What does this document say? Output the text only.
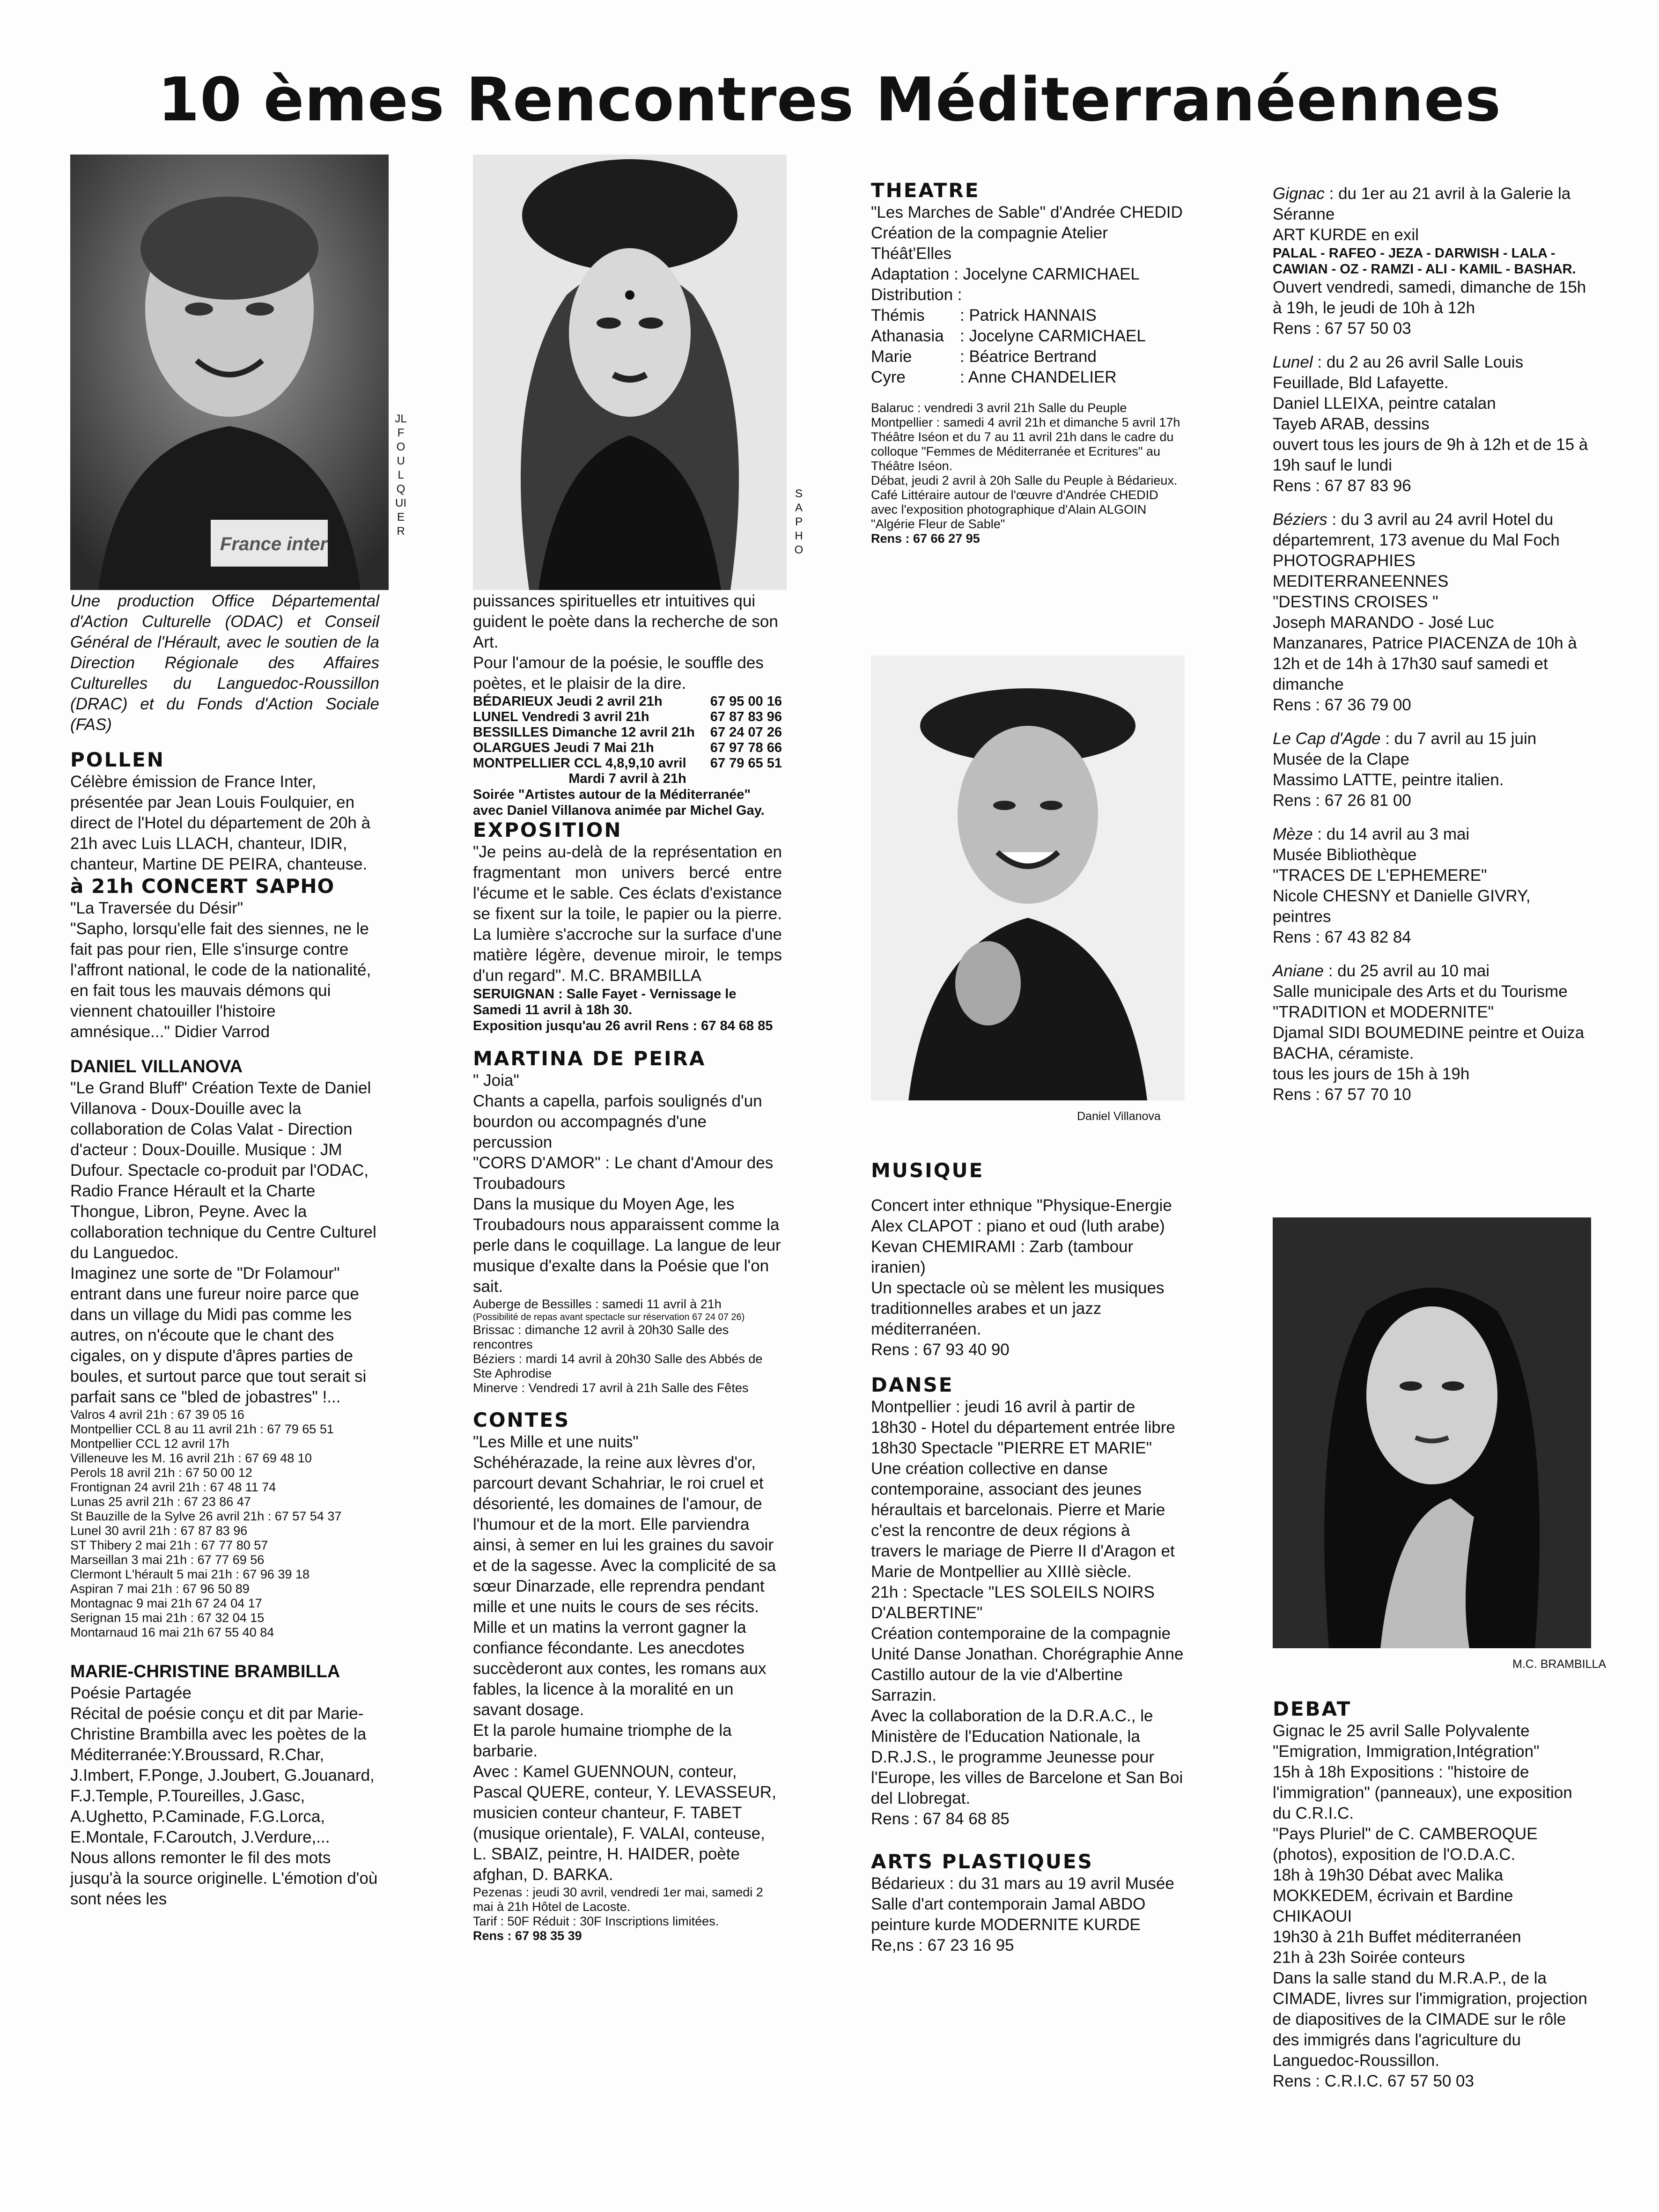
10 èmes Rencontres Méditerranéennes
France inter
JL FOULQUIER
SAPHO

Une production Office Départemental d'Action Culturelle (ODAC) et Conseil Général de l'Hérault, avec le soutien de la Direction Régionale des Affaires Culturelles du Languedoc-Roussillon (DRAC) et du Fonds d'Action Sociale (FAS)

POLLEN

Célèbre émission de France Inter, présentée par Jean Louis Foulquier, en direct de l'Hotel du département de 20h à 21h avec Luis LLACH, chanteur, IDIR, chanteur, Martine DE PEIRA, chanteuse.

à 21h CONCERT SAPHO

"La Traversée du Désir"

"Sapho, lorsqu'elle fait des siennes, ne le fait pas pour rien, Elle s'insurge contre l'affront national, le code de la nationalité, en fait tous les mauvais démons qui viennent chatouiller l'histoire amnésique..." Didier Varrod

DANIEL VILLANOVA

"Le Grand Bluff" Création Texte de Daniel Villanova - Doux-Douille avec la collaboration de Colas Valat - Direction d'acteur : Doux-Douille. Musique : JM Dufour. Spectacle co-produit par l'ODAC, Radio France Hérault et la Charte Thongue, Libron, Peyne. Avec la collaboration technique du Centre Culturel du Languedoc.

Imaginez une sorte de "Dr Folamour" entrant dans une fureur noire parce que dans un village du Midi pas comme les autres, on n'écoute que le chant des cigales, on y dispute d'âpres parties de boules, et surtout parce que tout serait si parfait sans ce "bled de jobastres" !...

Valros 4 avril 21h : 67 39 05 16

Montpellier CCL 8 au 11 avril 21h : 67 79 65 51

Montpellier CCL 12 avril 17h

Villeneuve les M. 16 avril 21h : 67 69 48 10

Perols 18 avril 21h : 67 50 00 12

Frontignan 24 avril 21h : 67 48 11 74

Lunas 25 avril 21h : 67 23 86 47

St Bauzille de la Sylve 26 avril 21h : 67 57 54 37

Lunel 30 avril 21h : 67 87 83 96

ST Thibery 2 mai 21h : 67 77 80 57

Marseillan 3 mai 21h : 67 77 69 56

Clermont L'hérault 5 mai 21h : 67 96 39 18

Aspiran 7 mai 21h : 67 96 50 89

Montagnac 9 mai 21h 67 24 04 17

Serignan 15 mai 21h : 67 32 04 15

Montarnaud 16 mai 21h 67 55 40 84

MARIE-CHRISTINE BRAMBILLA

Poésie Partagée

Récital de poésie conçu et dit par Marie-Christine Brambilla avec les poètes de la Méditerranée:Y.Broussard, R.Char, J.Imbert, F.Ponge, J.Joubert, G.Jouanard, F.J.Temple, P.Toureilles, J.Gasc, A.Ughetto, P.Caminade, F.G.Lorca, E.Montale, F.Caroutch, J.Verdure,...

Nous allons remonter le fil des mots jusqu'à la source originelle. L'émotion d'où sont nées les

puissances spirituelles etr intuitives qui guident le poète dans la recherche de son Art.

Pour l'amour de la poésie, le souffle des poètes, et le plaisir de la dire.

BÉDARIEUX Jeudi 2 avril 21h	67 95 00 16
LUNEL Vendredi 3 avril 21h	67 87 83 96
BESSILLES Dimanche 12 avril 21h 67 24 07 26
OLARGUES Jeudi 7 Mai 21h	67 97 78 66
MONTPELLIER CCL 4,8,9,10 avril 67 79 65 51
Mardi 7 avril à 21h

Soirée "Artistes autour de la Méditerranée" avec Daniel Villanova animée par Michel Gay.

EXPOSITION

"Je peins au-delà de la représentation en fragmentant mon univers bercé entre l'écume et le sable. Ces éclats d'existance se fixent sur la toile, le papier ou la pierre. La lumière s'accroche sur la surface d'une matière légère, devenue miroir, le temps d'un regard". M.C. BRAMBILLA

SERUIGNAN : Salle Fayet - Vernissage le Samedi 11 avril à 18h 30.

Exposition jusqu'au 26 avril Rens : 67 84 68 85

MARTINA DE PEIRA

" Joia"

Chants a capella, parfois soulignés d'un bourdon ou accompagnés d'une percussion

"CORS D'AMOR" : Le chant d'Amour des Troubadours

Dans la musique du Moyen Age, les Troubadours nous apparaissent comme la perle dans le coquillage. La langue de leur musique d'exalte dans la Poésie que l'on sait.

Auberge de Bessilles : samedi 11 avril à 21h

(Possibilité de repas avant spectacle sur réservation 67 24 07 26)

Brissac : dimanche 12 avril à 20h30 Salle des rencontres

Béziers : mardi 14 avril à 20h30 Salle des Abbés de Ste Aphrodise

Minerve : Vendredi 17 avril à 21h Salle des Fêtes

CONTES

"Les Mille et une nuits"

Schéhérazade, la reine aux lèvres d'or, parcourt devant Schahriar, le roi cruel et désorienté, les domaines de l'amour, de l'humour et de la mort. Elle parviendra ainsi, à semer en lui les graines du savoir et de la sagesse. Avec la complicité de sa sœur Dinarzade, elle reprendra pendant mille et une nuits le cours de ses récits. Mille et un matins la verront gagner la confiance fécondante. Les anecdotes succèderont aux contes, les romans aux fables, la licence à la moralité en un savant dosage.

Et la parole humaine triomphe de la barbarie.

Avec : Kamel GUENNOUN, conteur, Pascal QUERE, conteur, Y. LEVASSEUR, musicien conteur chanteur, F. TABET (musique orientale), F. VALAI, conteuse, L. SBAIZ, peintre, H. HAIDER, poète afghan, D. BARKA.

Pezenas : jeudi 30 avril, vendredi 1er mai, samedi 2 mai à 21h Hôtel de Lacoste.

Tarif : 50F Réduit : 30F Inscriptions limitées.

Rens : 67 98 35 39

THEATRE

"Les Marches de Sable" d'Andrée CHEDID

Création de la compagnie Atelier Théât'Elles

Adaptation : Jocelyne CARMICHAEL

Distribution :

Thémis	: Patrick HANNAIS
Athanasia : Jocelyne CARMICHAEL
Marie	: Béatrice Bertrand
Cyre	: Anne CHANDELIER

Balaruc : vendredi 3 avril 21h Salle du Peuple

Montpellier : samedi 4 avril 21h et dimanche 5 avril 17h Théâtre Iséon et du 7 au 11 avril 21h dans le cadre du colloque "Femmes de Méditerranée et Ecritures" au Théâtre Iséon.

Débat, jeudi 2 avril à 20h Salle du Peuple à Bédarieux. Café Littéraire autour de l'œuvre d'Andrée CHEDID avec l'exposition photographique d'Alain ALGOIN "Algérie Fleur de Sable"

Rens : 67 66 27 95

Daniel Villanova

MUSIQUE

Concert inter ethnique "Physique-Energie

Alex CLAPOT : piano et oud (luth arabe)

Kevan CHEMIRAMI : Zarb (tambour iranien)

Un spectacle où se mèlent les musiques traditionnelles arabes et un jazz méditerranéen.

Rens : 67 93 40 90

DANSE

Montpellier : jeudi 16 avril à partir de 18h30 - Hotel du département entrée libre

18h30 Spectacle "PIERRE ET MARIE"

Une création collective en danse contemporaine, associant des jeunes héraultais et barcelonais. Pierre et Marie c'est la rencontre de deux régions à travers le mariage de Pierre II d'Aragon et Marie de Montpellier au XIIIè siècle.

21h : Spectacle "LES SOLEILS NOIRS D'ALBERTINE"

Création contemporaine de la compagnie Unité Danse Jonathan. Chorégraphie Anne Castillo autour de la vie d'Albertine Sarrazin.

Avec la collaboration de la D.R.A.C., le Ministère de l'Education Nationale, la D.R.J.S., le programme Jeunesse pour l'Europe, les villes de Barcelone et San Boi del Llobregat.

Rens : 67 84 68 85

ARTS PLASTIQUES

Bédarieux : du 31 mars au 19 avril Musée Salle d'art contemporain Jamal ABDO peinture kurde MODERNITE KURDE

Re,ns : 67 23 16 95

Gignac : du 1er au 21 avril à la Galerie la Séranne

ART KURDE en exil

PALAL - RAFEO - JEZA - DARWISH - LALA - CAWIAN - OZ - RAMZI - ALI - KAMIL - BASHAR.

Ouvert vendredi, samedi, dimanche de 15h à 19h, le jeudi de 10h à 12h

Rens : 67 57 50 03

Lunel : du 2 au 26 avril Salle Louis Feuillade, Bld Lafayette.

Daniel LLEIXA, peintre catalan

Tayeb ARAB, dessins

ouvert tous les jours de 9h à 12h et de 15 à 19h sauf le lundi

Rens : 67 87 83 96

Béziers : du 3 avril au 24 avril Hotel du départemrent, 173 avenue du Mal Foch

PHOTOGRAPHIES MEDITERRANEENNES

"DESTINS CROISES "

Joseph MARANDO - José Luc Manzanares, Patrice PIACENZA de 10h à 12h et de 14h à 17h30 sauf samedi et dimanche

Rens : 67 36 79 00

Le Cap d'Agde : du 7 avril au 15 juin

Musée de la Clape

Massimo LATTE, peintre italien.

Rens : 67 26 81 00

Mèze : du 14 avril au 3 mai

Musée Bibliothèque

"TRACES DE L'EPHEMERE"

Nicole CHESNY et Danielle GIVRY, peintres

Rens : 67 43 82 84

Aniane : du 25 avril au 10 mai

Salle municipale des Arts et du Tourisme

"TRADITION et MODERNITE"

Djamal SIDI BOUMEDINE peintre et Ouiza BACHA, céramiste.

tous les jours de 15h à 19h

Rens : 67 57 70 10

M.C. BRAMBILLA

DEBAT

Gignac le 25 avril Salle Polyvalente

"Emigration, Immigration,Intégration"

15h à 18h Expositions : "histoire de l'immigration" (panneaux), une exposition du C.R.I.C.

"Pays Pluriel" de C. CAMBEROQUE (photos), exposition de l'O.D.A.C.

18h à 19h30 Débat avec Malika MOKKEDEM, écrivain et Bardine CHIKAOUI

19h30 à 21h Buffet méditerranéen

21h à 23h Soirée conteurs

Dans la salle stand du M.R.A.P., de la CIMADE, livres sur l'immigration, projection de diapositives de la CIMADE sur le rôle des immigrés dans l'agriculture du Languedoc-Roussillon.

Rens : C.R.I.C. 67 57 50 03
